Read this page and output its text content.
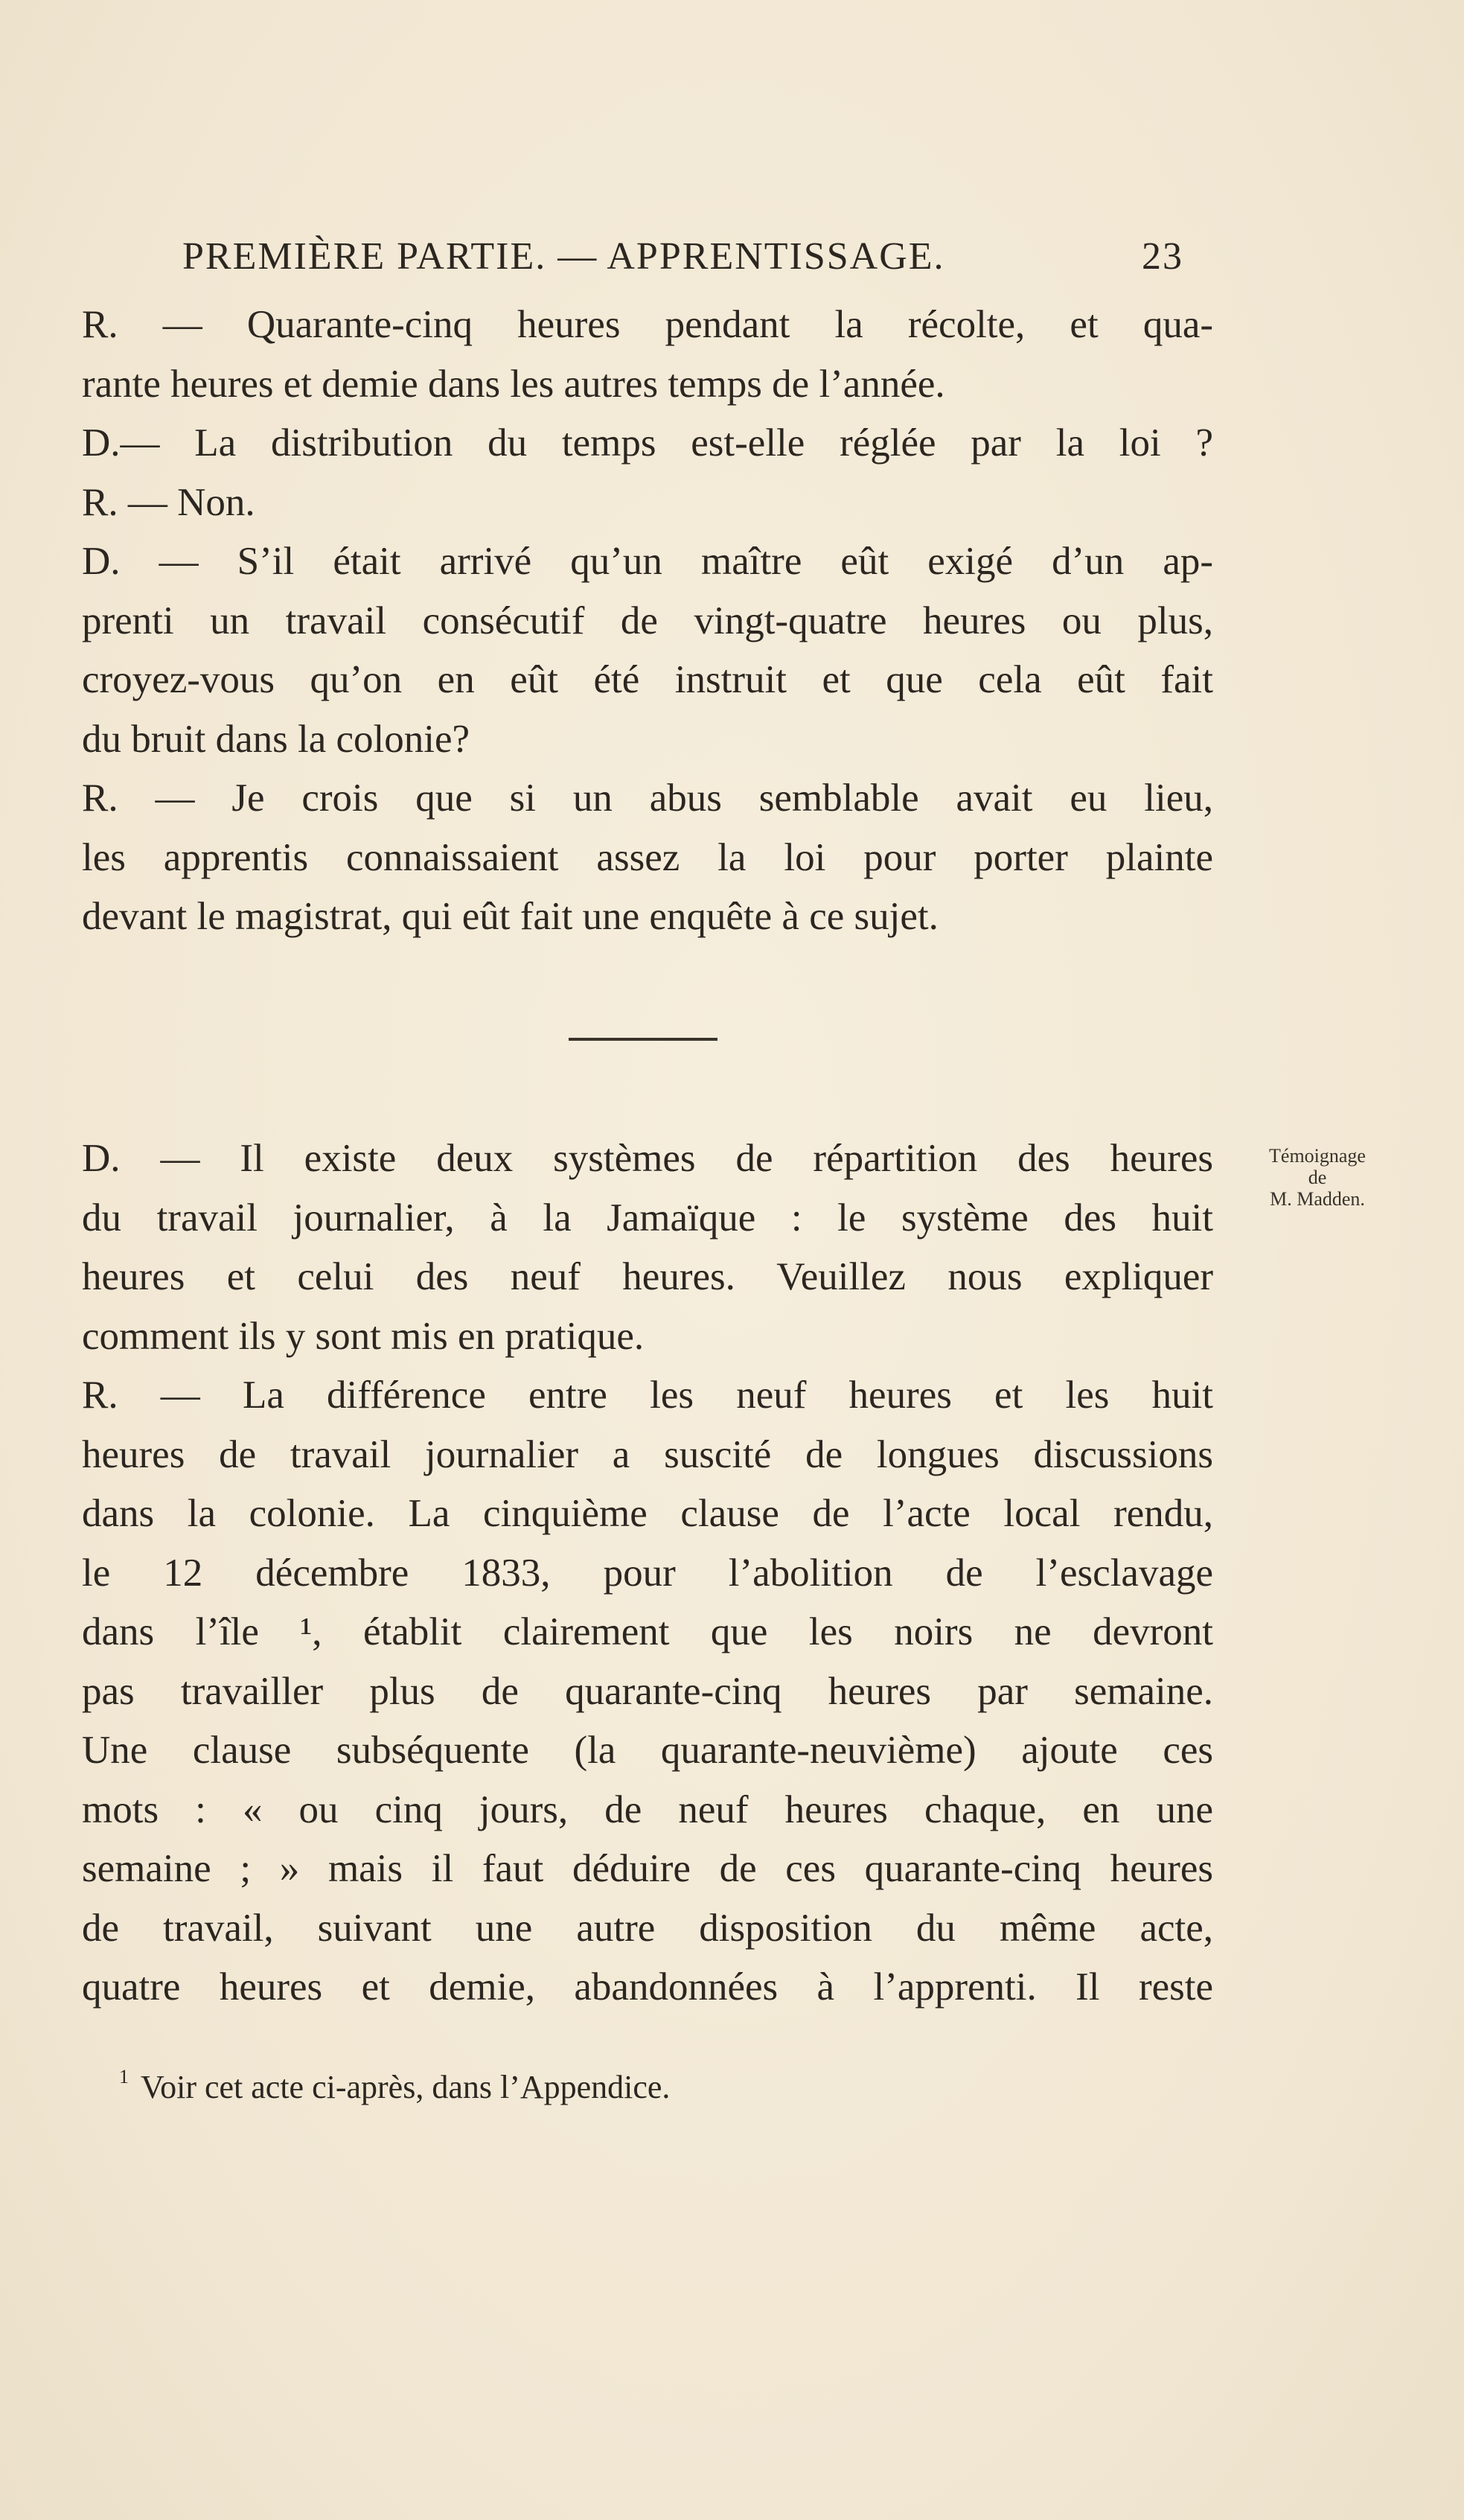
PREMIÈRE PARTIE. — APPRENTISSAGE.	23
R. — Quarante-cinq heures pendant la récolte, et qua-
rante heures et demie dans les autres temps de l’année.
D.— La distribution du temps est-elle réglée par la loi ?
R. — Non.
D. — S’il était arrivé qu’un maître eût exigé d’un ap-
prenti un travail consécutif de vingt-quatre heures ou plus,
croyez-vous qu’on en eût été instruit et que cela eût fait
du bruit dans la colonie?
R. — Je crois que si un abus semblable avait eu lieu,
les apprentis connaissaient assez la loi pour porter plainte
devant le magistrat, qui eût fait une enquête à ce sujet.
D. — Il existe deux systèmes de répartition des heures
du travail journalier, à la Jamaïque : le système des huit
heures et celui des neuf heures. Veuillez nous expliquer
comment ils y sont mis en pratique.
R. — La différence entre les neuf heures et les huit
heures de travail journalier a suscité de longues discussions
dans la colonie. La cinquième clause de l’acte local rendu,
le 12 décembre 1833, pour l’abolition de l’esclavage
dans l’île ¹, établit clairement que les noirs ne devront
pas travailler plus de quarante-cinq heures par semaine.
Une clause subséquente (la quarante-neuvième) ajoute ces
mots : « ou cinq jours, de neuf heures chaque, en une
semaine ; » mais il faut déduire de ces quarante-cinq heures
de travail, suivant une autre disposition du même acte,
quatre heures et demie, abandonnées à l’apprenti. Il reste
Témoignage
de
M. Madden.
$^1$ Voir cet acte ci-après, dans l’Appendice.
